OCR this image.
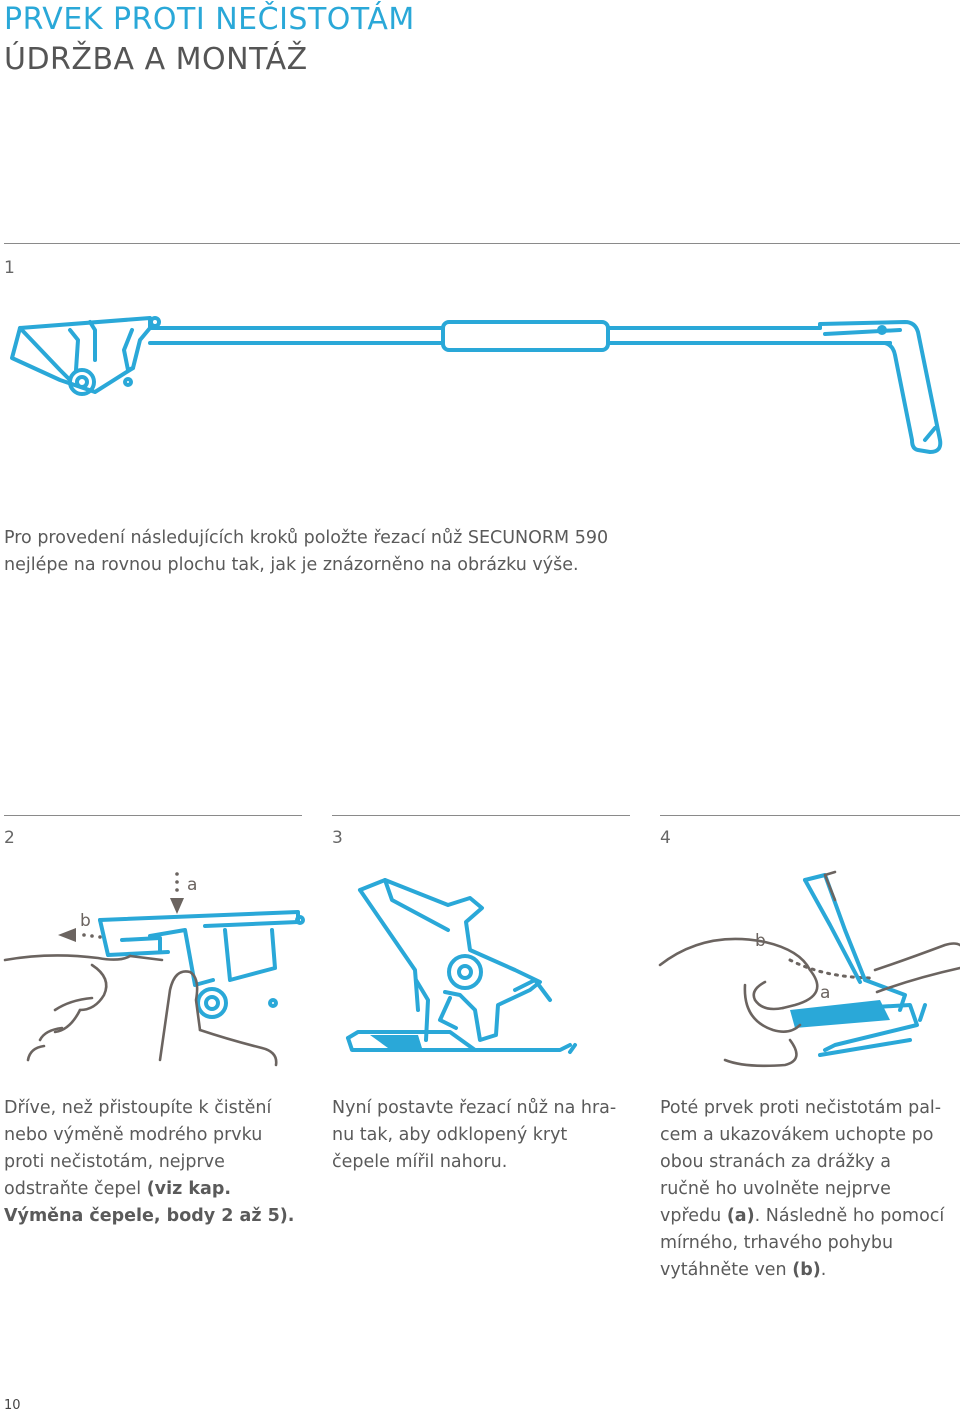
PRVEK PROTI NEČISTOTÁM
ÚDRŽBA A MONTÁŽ
1
Pro provedení následujících kroků položte řezací nůž SECUNORM 590
nejlépe na rovnou plochu tak, jak je znázorněno na obrázku výše.
2	3	4
a
b
b
a
Dříve, než přistoupíte k čistění
nebo výměně modrého prvku
proti nečistotám, nejprve
odstraňte čepel (viz kap.
Výměna čepele, body 2 až 5).
Nyní postavte řezací nůž na hra-
nu tak, aby odklopený kryt
čepele mířil nahoru.
Poté prvek proti nečistotám pal-
cem a ukazovákem uchopte po
obou stranách za drážky a
ručně ho uvolněte nejprve
vpředu (a). Následně ho pomocí
mírného, trhavého pohybu
vytáhněte ven (b).
10
